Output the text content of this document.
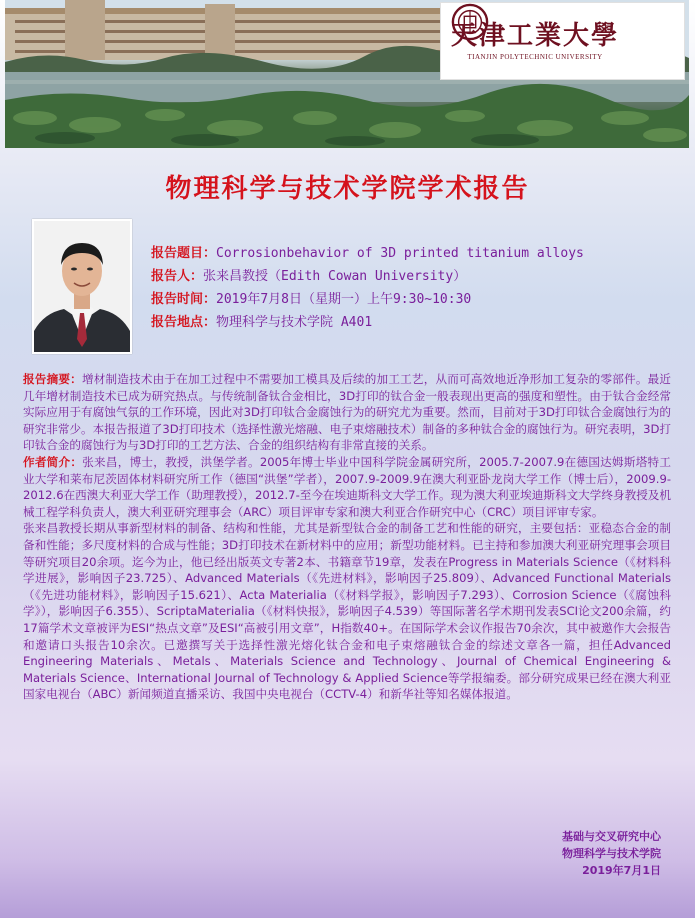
天津工業大學
TIANJIN POLYTECHNIC UNIVERSITY
物理科学与技术学院学术报告
报告题目：Corrosionbehavior of 3D printed titanium alloys
报告人：张来昌教授（Edith Cowan University）
报告时间：2019年7月8日（星期一）上午9:30~10:30
报告地点：物理科学与技术学院 A401

报告摘要：增材制造技术由于在加工过程中不需要加工模具及后续的加工工艺，从而可高效地近净形加工复杂的零部件。最近几年增材制造技术已成为研究热点。与传统制备钛合金相比，3D打印的钛合金一般表现出更高的强度和塑性。由于钛合金经常实际应用于有腐蚀气氛的工作环境，因此对3D打印钛合金腐蚀行为的研究尤为重要。然而，目前对于3D打印钛合金腐蚀行为的研究非常少。本报告报道了3D打印技术（选择性激光熔融、电子束熔融技术）制备的多种钛合金的腐蚀行为。研究表明，3D打印钛合金的腐蚀行为与3D打印的工艺方法、合金的组织结构有非常直接的关系。

作者简介：张来昌，博士，教授，洪堡学者。2005年博士毕业中国科学院金属研究所，2005.7-2007.9在德国达姆斯塔特工业大学和莱布尼茨固体材料研究所工作（德国“洪堡”学者），2007.9-2009.9在澳大利亚卧龙岗大学工作（博士后），2009.9-2012.6在西澳大利亚大学工作（助理教授），2012.7-至今在埃迪斯科文大学工作。现为澳大利亚埃迪斯科文大学终身教授及机械工程学科负责人，澳大利亚研究理事会（ARC）项目评审专家和澳大利亚合作研究中心（CRC）项目评审专家。

张来昌教授长期从事新型材料的制备、结构和性能，尤其是新型钛合金的制备工艺和性能的研究，主要包括：亚稳态合金的制备和性能；多尺度材料的合成与性能；3D打印技术在新材料中的应用；新型功能材料。已主持和参加澳大利亚研究理事会项目等研究项目20余项。迄今为止，他已经出版英文专著2本、书籍章节19章，发表在Progress in Materials Science（《材料科学进展》，影响因子23.725）、Advanced Materials（《先进材料》，影响因子25.809）、Advanced Functional Materials（《先进功能材料》，影响因子15.621）、Acta Materialia（《材料学报》，影响因子7.293）、Corrosion Science（《腐蚀科学》），影响因子6.355）、ScriptaMaterialia（《材料快报》，影响因子4.539）等国际著名学术期刊发表SCI论文200余篇，约17篇学术文章被评为ESI“热点文章”及ESI“高被引用文章”，H指数40+。在国际学术会议作报告70余次，其中被邀作大会报告和邀请口头报告10余次。已邀撰写关于选择性激光熔化钛合金和电子束熔融钛合金的综述文章各一篇，担任Advanced Engineering Materials、Metals、Materials Science and Technology、Journal of Chemical Engineering & Materials Science、International Journal of Technology & Applied Science等学报编委。部分研究成果已经在澳大利亚国家电视台（ABC）新闻频道直播采访、我国中央电视台（CCTV-4）和新华社等知名媒体报道。

基础与交叉研究中心
物理科学与技术学院
2019年7月1日
